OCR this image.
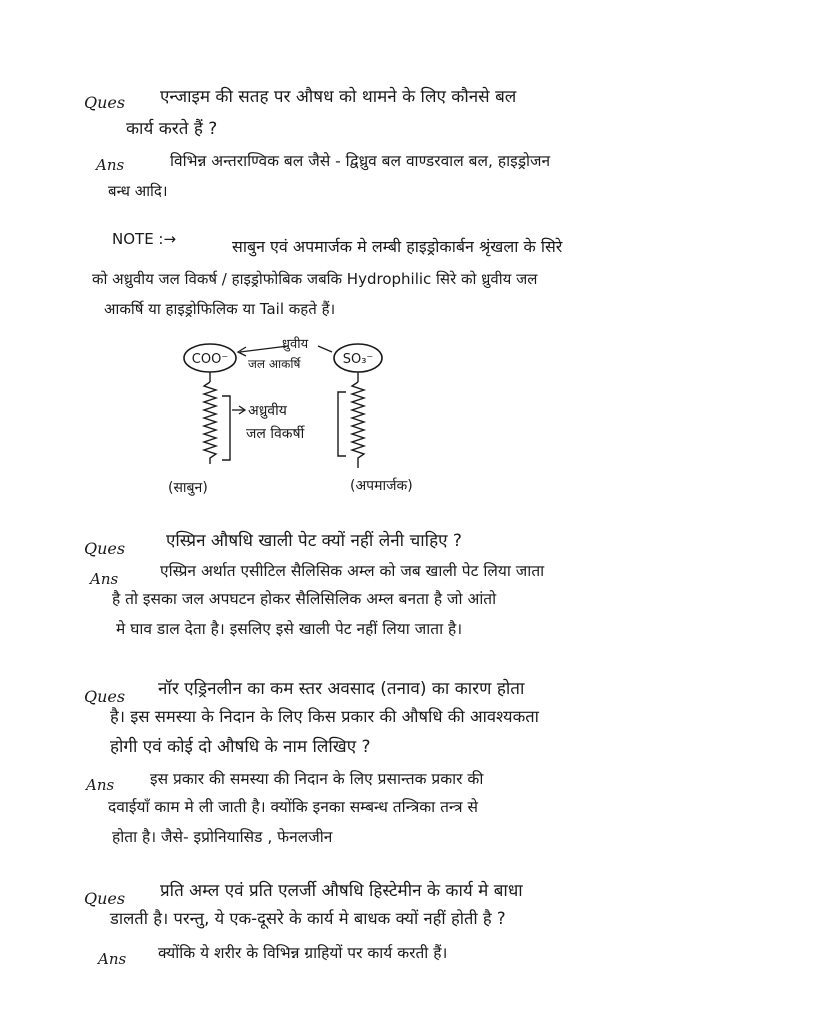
Ques एन्जाइम की सतह पर औषध को थामने के लिए कौनसे बल
कार्य करते हैं ?
Ans	विभिन्न अन्तराण्विक बल जैसे - द्विध्रुव बल वाण्डरवाल बल, हाइड्रोजन
बन्ध आदि।
NOTE :→	साबुन एवं अपमार्जक मे लम्बी हाइड्रोकार्बन श्रृंखला के सिरे
को अध्रुवीय जल विकर्ष / हाइड्रोफोबिक जबकि Hydrophilic सिरे को ध्रुवीय जल
आकर्षि या हाइड्रोफिलिक या Tail कहते हैं।
COO⁻	SO₃⁻
ध्रुवीय
जल आकर्षि
अध्रुवीय
जल विकर्षी
(साबुन)	(अपमार्जक)
Ques एस्प्रिन औषधि खाली पेट क्यों नहीं लेनी चाहिए ?
Ans	एस्प्रिन अर्थात एसीटिल सैलिसिक अम्ल को जब खाली पेट लिया जाता
है तो इसका जल अपघटन होकर सैलिसिलिक अम्ल बनता है जो आंतो
मे घाव डाल देता है। इसलिए इसे खाली पेट नहीं लिया जाता है।
Ques नॉर एड्रिनलीन का कम स्तर अवसाद (तनाव) का कारण होता
है। इस समस्या के निदान के लिए किस प्रकार की औषधि की आवश्यकता
होगी एवं कोई दो औषधि के नाम लिखिए ?
Ans इस प्रकार की समस्या की निदान के लिए प्रसान्तक प्रकार की
दवाईयाँ काम मे ली जाती है। क्योंकि इनका सम्बन्ध तन्त्रिका तन्त्र से
होता है। जैसे- इप्रोनियासिड , फेनलजीन
Ques प्रति अम्ल एवं प्रति एलर्जी औषधि हिस्टेमीन के कार्य मे बाधा
डालती है। परन्तु, ये एक-दूसरे के कार्य मे बाधक क्यों नहीं होती है ?
Ans क्योंकि ये शरीर के विभिन्न ग्राहियों पर कार्य करती हैं।
